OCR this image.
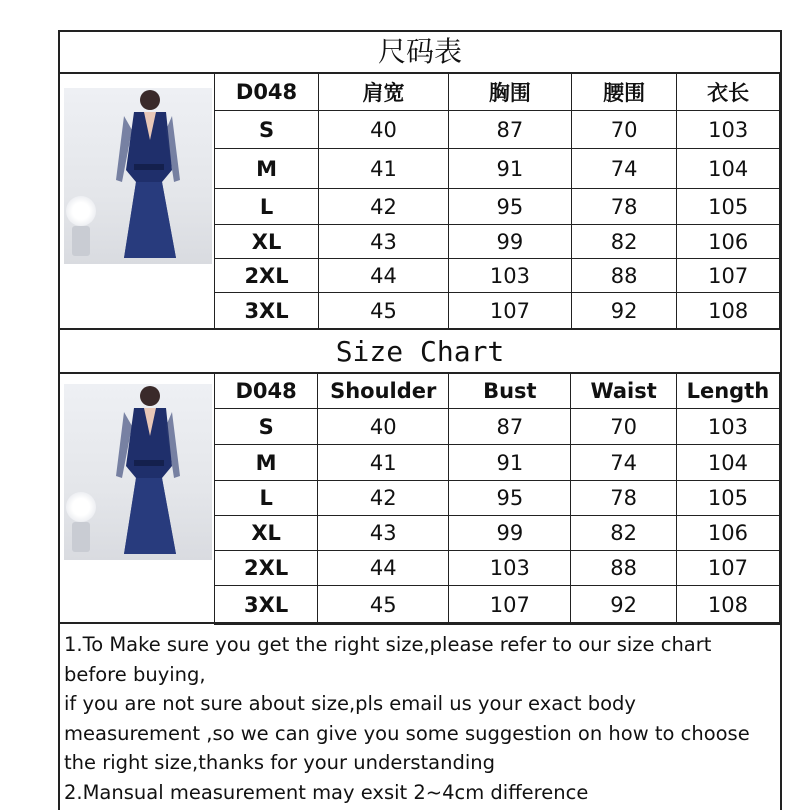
尺码表
D048	肩宽	胸围	腰围	衣长
S	40	87	70	103
M	41	91	74	104
L	42	95	78	105
XL	43	99	82	106
2XL	44	103	88	107
3XL	45	107	92	108
Size Chart
D048	Shoulder	Bust	Waist	Length
S	40	87	70	103
M	41	91	74	104
L	42	95	78	105
XL	43	99	82	106
2XL	44	103	88	107
3XL	45	107	92	108

1.To Make sure you get the right size,please refer to our size chart before buying,

if you are not sure about size,pls email us your exact body measurement ,so we can give you some suggestion on how to choose the right size,thanks for your understanding

2.Mansual measurement may exsit 2~4cm difference
